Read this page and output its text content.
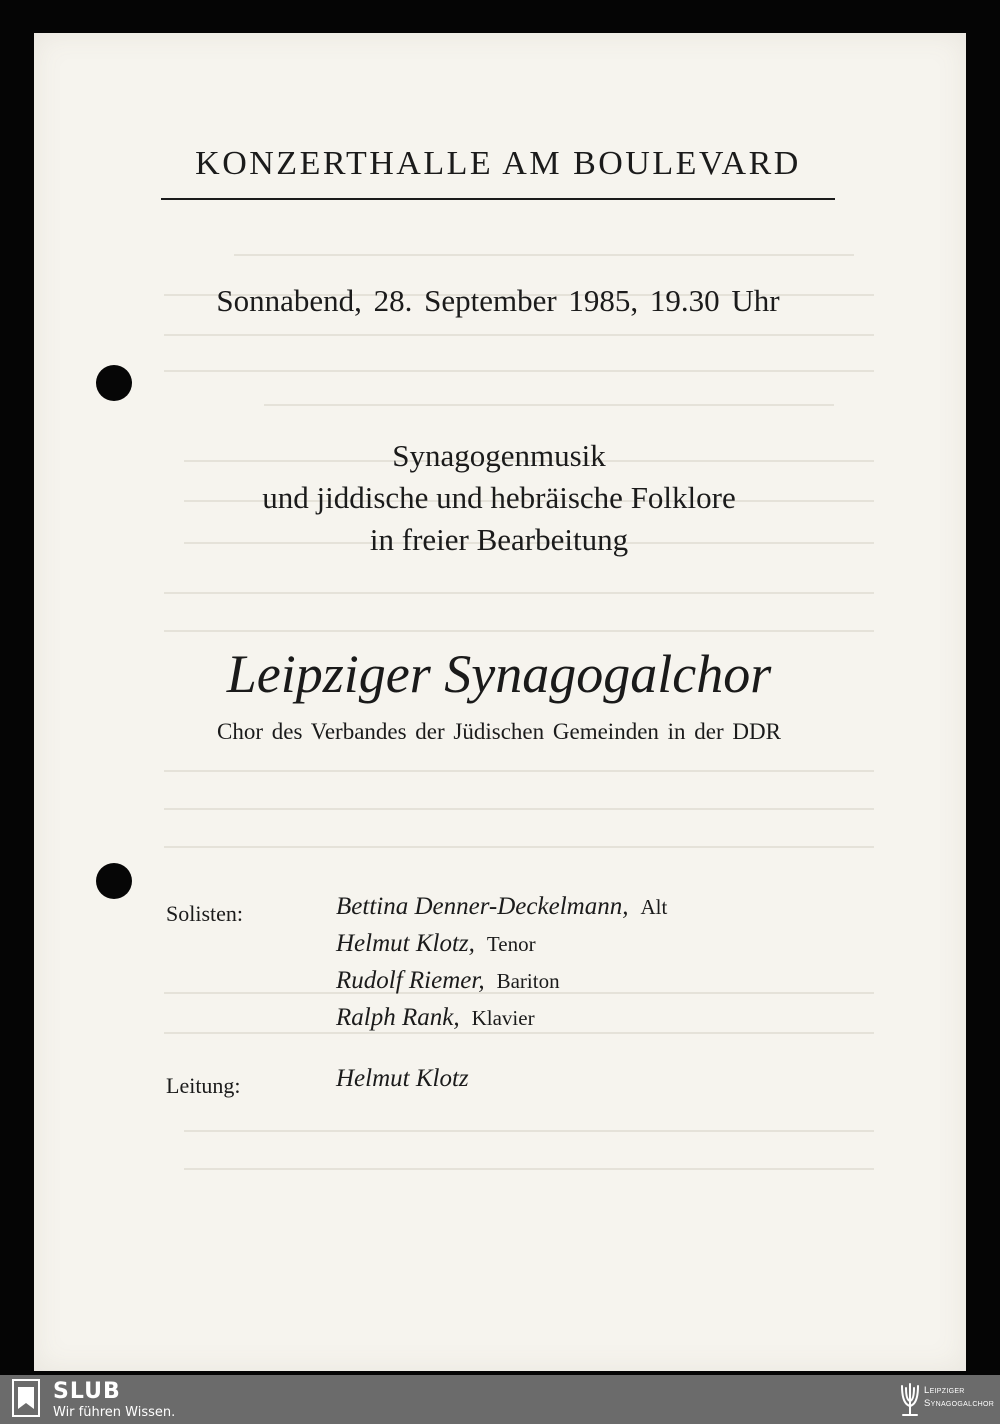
KONZERTHALLE AM BOULEVARD
Sonnabend, 28. September 1985, 19.30 Uhr
Synagogenmusik
und jiddische und hebräische Folklore
in freier Bearbeitung
Leipziger Synagogalchor
Chor des Verbandes der Jüdischen Gemeinden in der DDR
Solisten:	Bettina Denner-Deckelmann, Alt
Helmut Klotz, Tenor
Rudolf Riemer, Bariton
Ralph Rank, Klavier
Leitung:	Helmut Klotz
SLUB
Wir führen Wissen.
Leipziger
Synagogalchor
